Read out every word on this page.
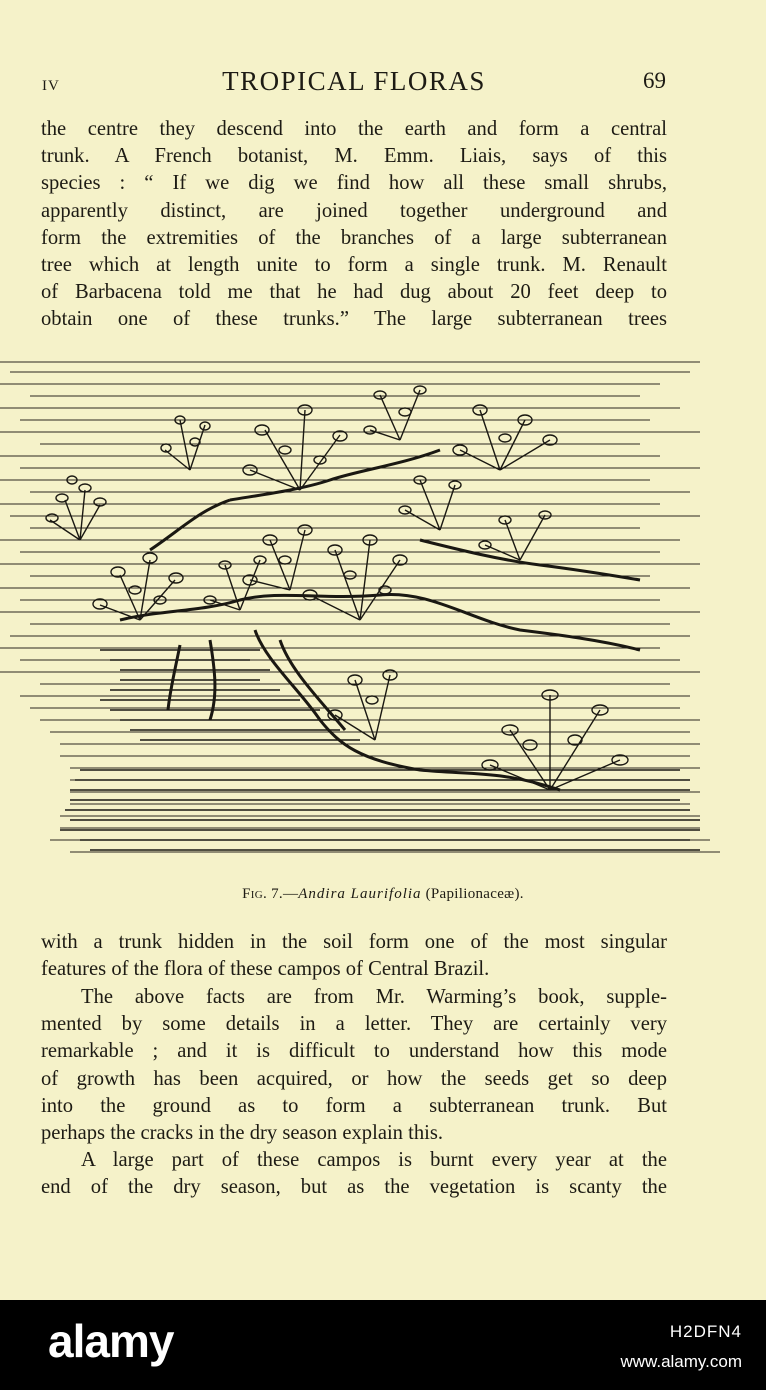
IV	TROPICAL FLORAS	69
the centre they descend into the earth and form a central
trunk. A French botanist, M. Emm. Liais, says of this
species : “ If we dig we find how all these small shrubs,
apparently distinct, are joined together underground and
form the extremities of the branches of a large subterranean
tree which at length unite to form a single trunk. M. Renault
of Barbacena told me that he had dug about 20 feet deep to
obtain one of these trunks.” The large subterranean trees
Fig. 7.—Andira Laurifolia (Papilionaceæ).
with a trunk hidden in the soil form one of the most singular
features of the flora of these campos of Central Brazil.
The above facts are from Mr. Warming’s book, supple-
mented by some details in a letter. They are certainly very
remarkable ; and it is difficult to understand how this mode
of growth has been acquired, or how the seeds get so deep
into the ground as to form a subterranean trunk. But
perhaps the cracks in the dry season explain this.
A large part of these campos is burnt every year at the
end of the dry season, but as the vegetation is scanty the
alamy	H2DFN4
www.alamy.com
